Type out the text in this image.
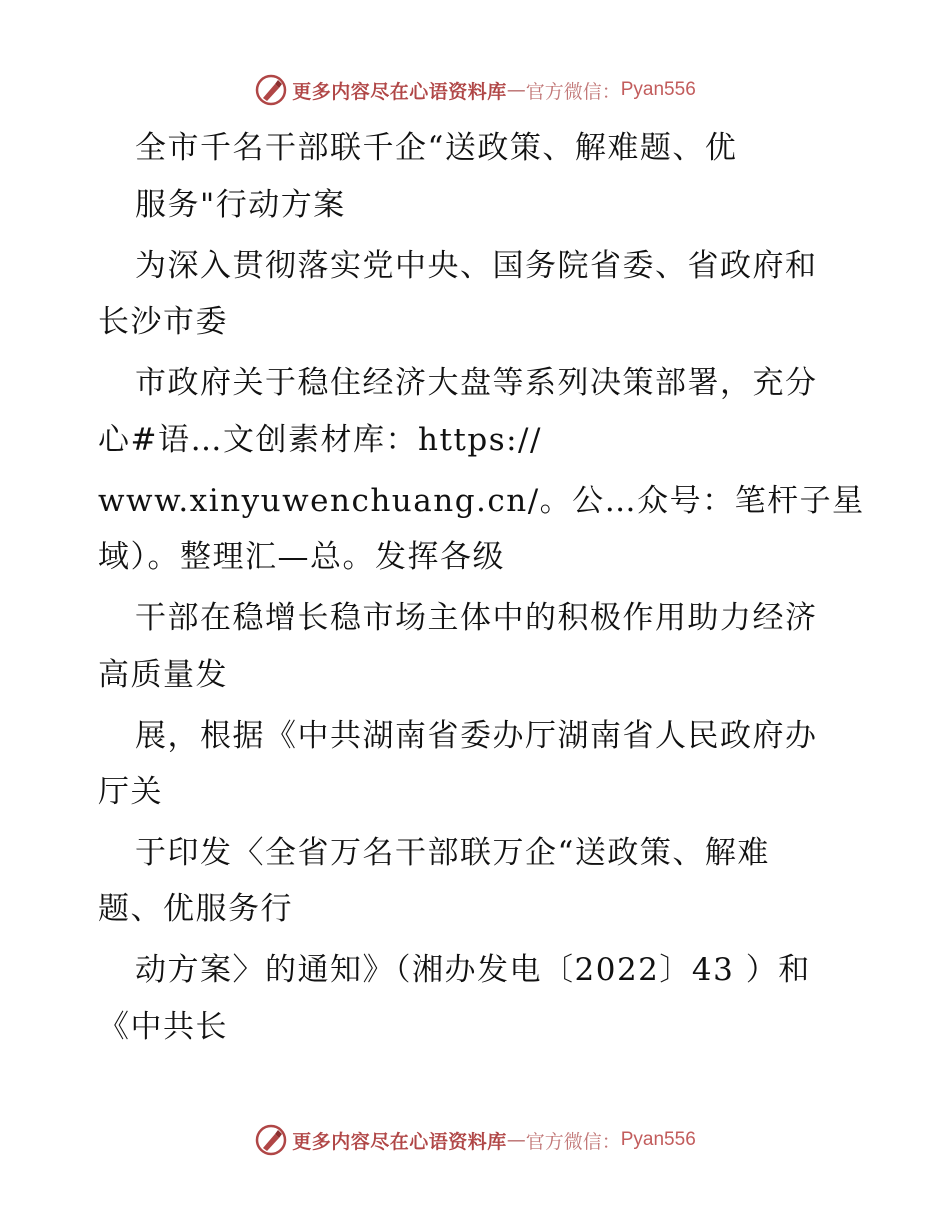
更多内容尽在心语资料库 — 官方微信： Pyan556
全市千名干部联千企“送政策、解难题、优
服务"行动方案
为深入贯彻落实党中央、国务院省委、省政府和
长沙市委
市政府关于稳住经济大盘等系列决策部署，充分
心#语…文创素材库：https://
www.xinyuwenchuang.cn/。公…众号：笔杆子星
域）。整理汇—总。发挥各级
干部在稳增长稳市场主体中的积极作用助力经济
高质量发
展，根据《中共湖南省委办厅湖南省人民政府办
厅关
于印发〈全省万名干部联万企“送政策、解难
题、优服务行
动方案〉的通知》（湘办发电〔2022〕43 ）和
《中共长
更多内容尽在心语资料库 — 官方微信： Pyan556
